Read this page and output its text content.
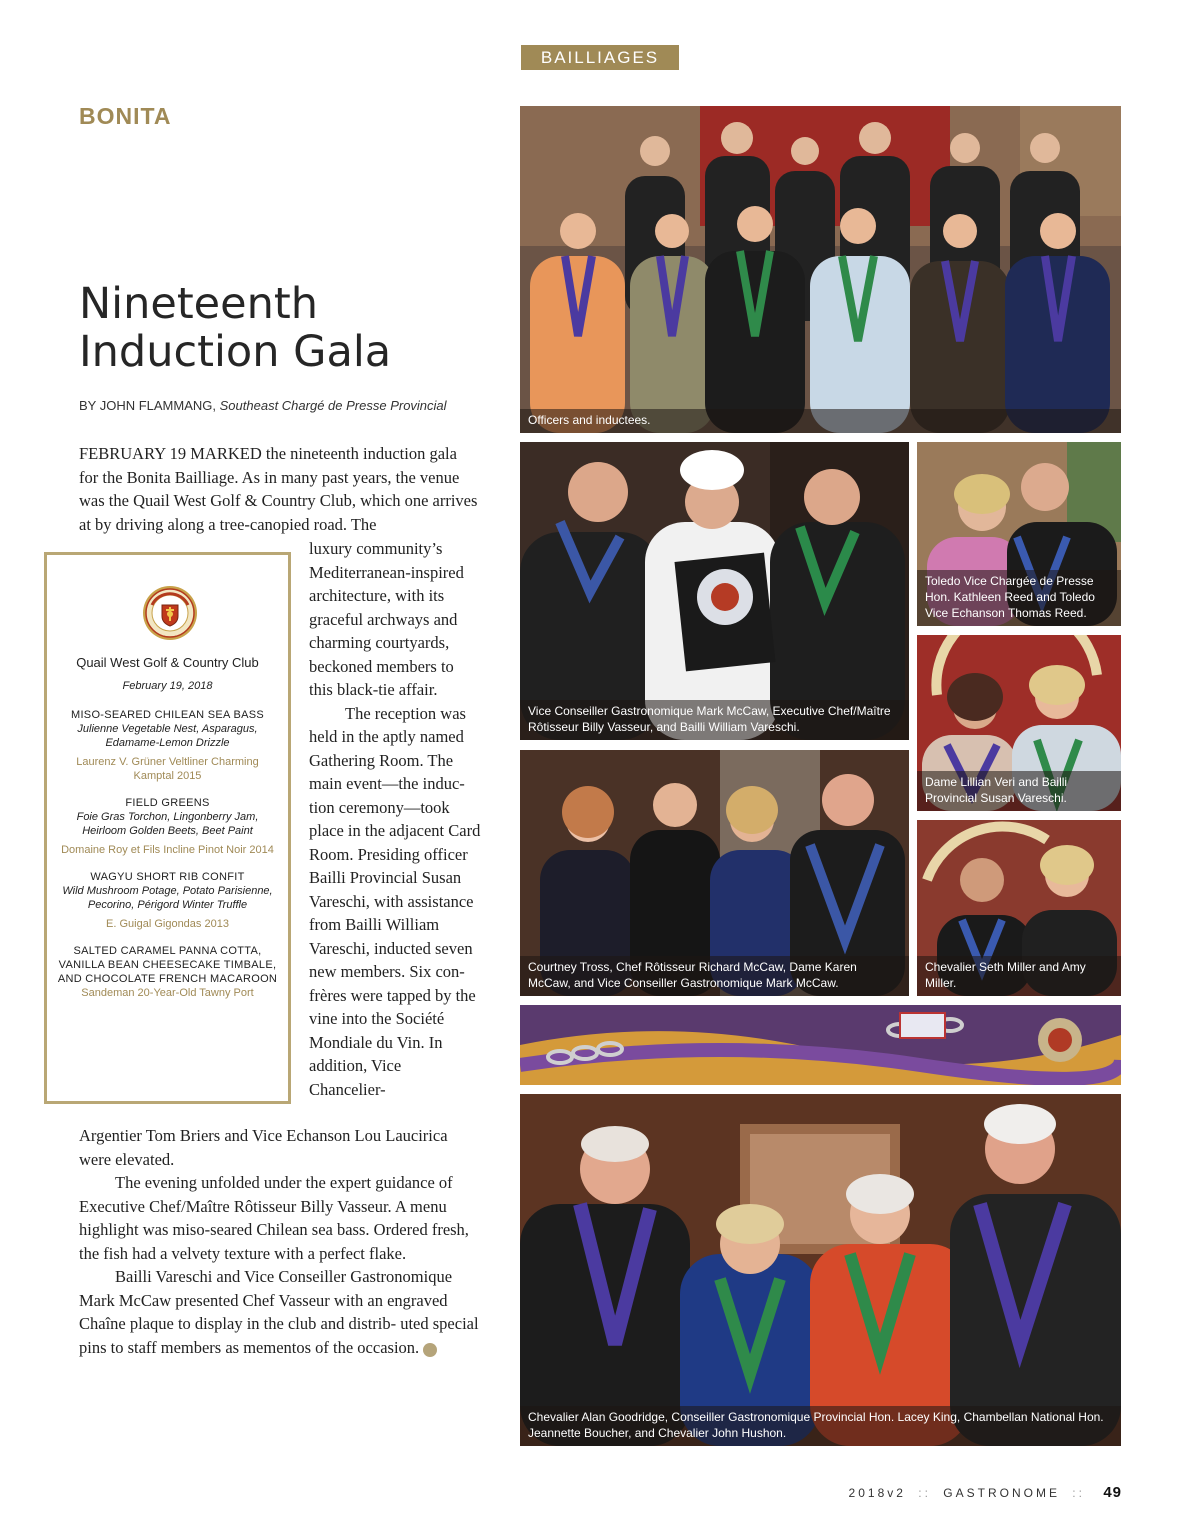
BAILLIAGES
BONITA
Nineteenth
Induction Gala
BY JOHN FLAMMANG, Southeast Chargé de Presse Provincial

FEBRUARY 19 MARKED the nineteenth induction gala for the Bonita Bailliage. As in many past years, the venue was the Quail West Golf & Country Club, which one arrives at by driving along a tree-canopied road. The

luxury community’s Mediterranean-inspired architecture, with its graceful archways and charming courtyards, beckoned members to this black-tie affair.

The reception was held in the aptly named Gathering Room. The main event—the induc- tion ceremony—took place in the adjacent Card Room. Presiding officer Bailli Provincial Susan Vareschi, with assistance from Bailli William Vareschi, inducted seven new members. Six con- frères were tapped by the vine into the Société Mondiale du Vin. In addition, Vice Chancelier-

Argentier Tom Briers and Vice Echanson Lou Laucirica were elevated.

The evening unfolded under the expert guidance of Executive Chef/Maître Rôtisseur Billy Vasseur. A menu highlight was miso-seared Chilean sea bass. Ordered fresh, the fish had a velvety texture with a perfect flake.

Bailli Vareschi and Vice Conseiller Gastronomique Mark McCaw presented Chef Vasseur with an engraved Chaîne plaque to display in the club and distrib- uted special pins to staff members as mementos of the occasion.	G

Quail West Golf & Country Club
February 19, 2018
MISO-SEARED CHILEAN SEA BASS
Julienne Vegetable Nest, Asparagus, Edamame-Lemon Drizzle
Laurenz V. Grüner Veltliner Charming Kamptal 2015
FIELD GREENS
Foie Gras Torchon, Lingonberry Jam, Heirloom Golden Beets, Beet Paint
Domaine Roy et Fils Incline Pinot Noir 2014
WAGYU SHORT RIB CONFIT
Wild Mushroom Potage, Potato Parisienne, Pecorino, Périgord Winter Truffle
E. Guigal Gigondas 2013
SALTED CARAMEL PANNA COTTA, VANILLA BEAN CHEESECAKE TIMBALE, AND CHOCOLATE FRENCH MACAROON
Sandeman 20-Year-Old Tawny Port
Officers and inductees.
Vice Conseiller Gastronomique Mark McCaw, Executive Chef/Maître Rôtisseur Billy Vasseur, and Bailli William Vareschi.
Toledo Vice Chargée de Presse Hon. Kathleen Reed and Toledo Vice Echanson Thomas Reed.
Dame Lillian Veri and Bailli Provincial Susan Vareschi.
Courtney Tross, Chef Rôtisseur Richard McCaw, Dame Karen McCaw, and Vice Conseiller Gastronomique Mark McCaw.
Chevalier Seth Miller and Amy Miller.
Chevalier Alan Goodridge, Conseiller Gastronomique Provincial Hon. Lacey King, Chambellan National Hon. Jeannette Boucher, and Chevalier John Hushon.
2018v2 :: GASTRONOME :: 49
